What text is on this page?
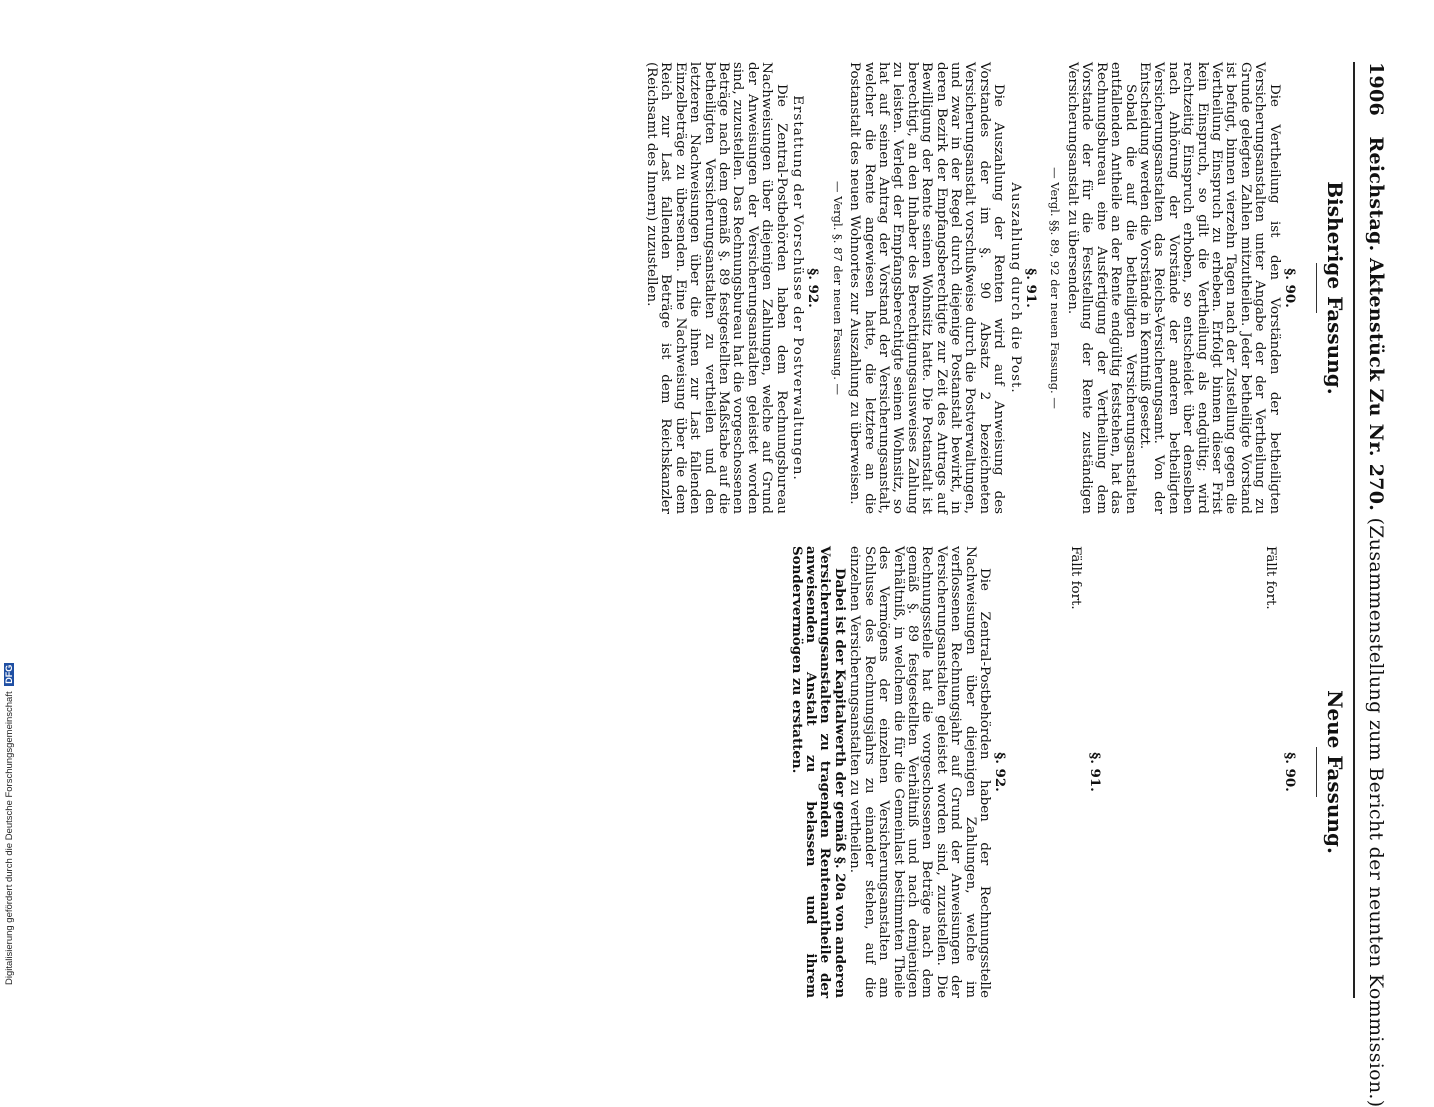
1906 Reichstag. Aktenstück Zu Nr. 270. (Zusammenstellung zum Bericht der neunten Kommission.)
Bisherige Fassung.
Neue Fassung.
§. 90.

Die Vertheilung ist den Vorständen der betheiligten Versicherungsanstalten unter Angabe der der Vertheilung zu Grunde gelegten Zahlen mitzutheilen. Jeder betheiligte Vorstand ist befugt, binnen vierzehn Tagen nach der Zustellung gegen die Vertheilung Einspruch zu erheben. Erfolgt binnen dieser Frist kein Einspruch, so gilt die Vertheilung als endgültig; wird rechtzeitig Einspruch erhoben, so entscheidet über denselben nach Anhörung der Vorstände der anderen betheiligten Versicherungsanstalten das Reichs-Versicherungsamt. Von der Entscheidung werden die Vorstände in Kenntniß gesetzt.

Sobald die auf die betheiligten Versicherungsanstalten entfallenden Antheile an der Rente endgültig feststehen, hat das Rechnungsbureau eine Ausfertigung der Vertheilung dem Vorstande der für die Feststellung der Rente zuständigen Versicherungsanstalt zu übersenden.

— Vergl. §§. 89, 92 der neuen Fassung. —
§. 91.
Auszahlung durch die Post.

Die Auszahlung der Renten wird auf Anweisung des Vorstandes der im §. 90 Absatz 2 bezeichneten Versicherungsanstalt vorschußweise durch die Postverwaltungen, und zwar in der Regel durch diejenige Postanstalt bewirkt, in deren Bezirk der Empfangsberechtigte zur Zeit des Antrags auf Bewilligung der Rente seinen Wohnsitz hatte. Die Postanstalt ist berechtigt, an den Inhaber des Berechtigungsausweises Zahlung zu leisten. Verlegt der Empfangsberechtigte seinen Wohnsitz, so hat auf seinen Antrag der Vorstand der Versicherungsanstalt, welcher die Rente angewiesen hatte, die letztere an die Postanstalt des neuen Wohnortes zur Auszahlung zu überweisen.

— Vergl. §. 87 der neuen Fassung. —
§. 92.
Erstattung der Vorschüsse der Postverwaltungen.

Die Zentral-Postbehörden haben dem Rechnungsbureau Nachweisungen über diejenigen Zahlungen, welche auf Grund der Anweisungen der Versicherungsanstalten geleistet worden sind, zuzustellen. Das Rechnungsbureau hat die vorgeschossenen Beträge nach dem gemäß §. 89 festgestellten Maßstabe auf die betheiligten Versicherungsanstalten zu vertheilen und den letzteren Nachweisungen über die ihnen zur Last fallenden Einzelbeträge zu übersenden. Eine Nachweisung über die dem Reich zur Last fallenden Beträge ist dem Reichskanzler (Reichsamt des Innern) zuzustellen.

§. 90.
Fällt fort.
§. 91.
Fällt fort.
§. 92.

Die Zentral-Postbehörden haben der Rechnungsstelle Nachweisungen über diejenigen Zahlungen, welche im verflossenen Rechnungsjahr auf Grund der Anweisungen der Versicherungsanstalten geleistet worden sind, zuzustellen. Die Rechnungsstelle hat die vorgeschossenen Beträge nach dem gemäß §. 89 festgestellten Verhältniß und nach demjenigen Verhältniß, in welchem die für die Gemeinlast bestimmten Theile des Vermögens der einzelnen Versicherungsanstalten am Schlusse des Rechnungsjahrs zu einander stehen, auf die einzelnen Versicherungsanstalten zu vertheilen.

Dabei ist der Kapitalwerth der gemäß §. 20a von anderen Versicherungsanstalten zu tragenden Rentenantheile der anweisenden Anstalt zu belassen und ihrem Sondervermögen zu erstatten.

Digitalisierung gefördert durch die Deutsche Forschungsgemeinschaft DFG
